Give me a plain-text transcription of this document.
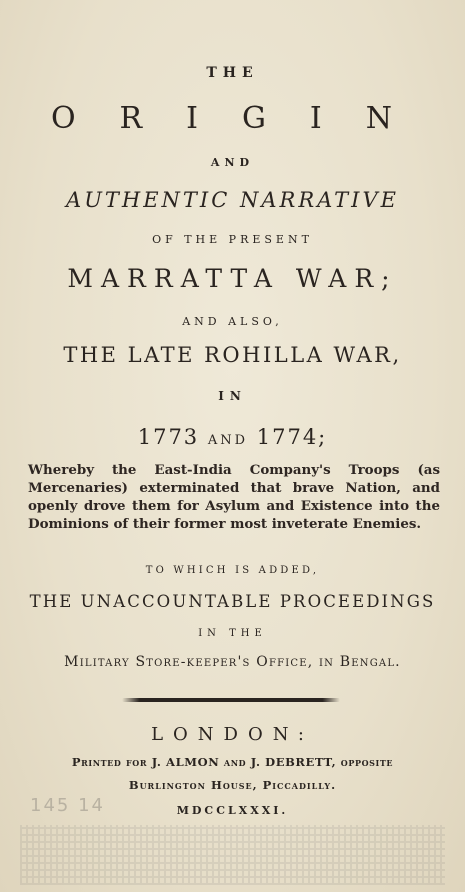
THE
ORIGIN
AND
AUTHENTIC NARRATIVE
OF THE PRESENT
MARRATTA WAR;
AND ALSO,
THE LATE ROHILLA WAR,
IN
1773 AND 1774;
Whereby the East-India Company's Troops (as Mercenaries) exterminated that brave Nation, and openly drove them for Asylum and Existence into the Dominions of their former most inveterate Enemies.
TO WHICH IS ADDED,
THE UNACCOUNTABLE PROCEEDINGS
IN THE
Military Store-keeper's Office, in Bengal.
LONDON:
Printed for J. ALMON and J. DEBRETT, opposite
Burlington House, Piccadilly.
145 14	MDCCLXXXI.
